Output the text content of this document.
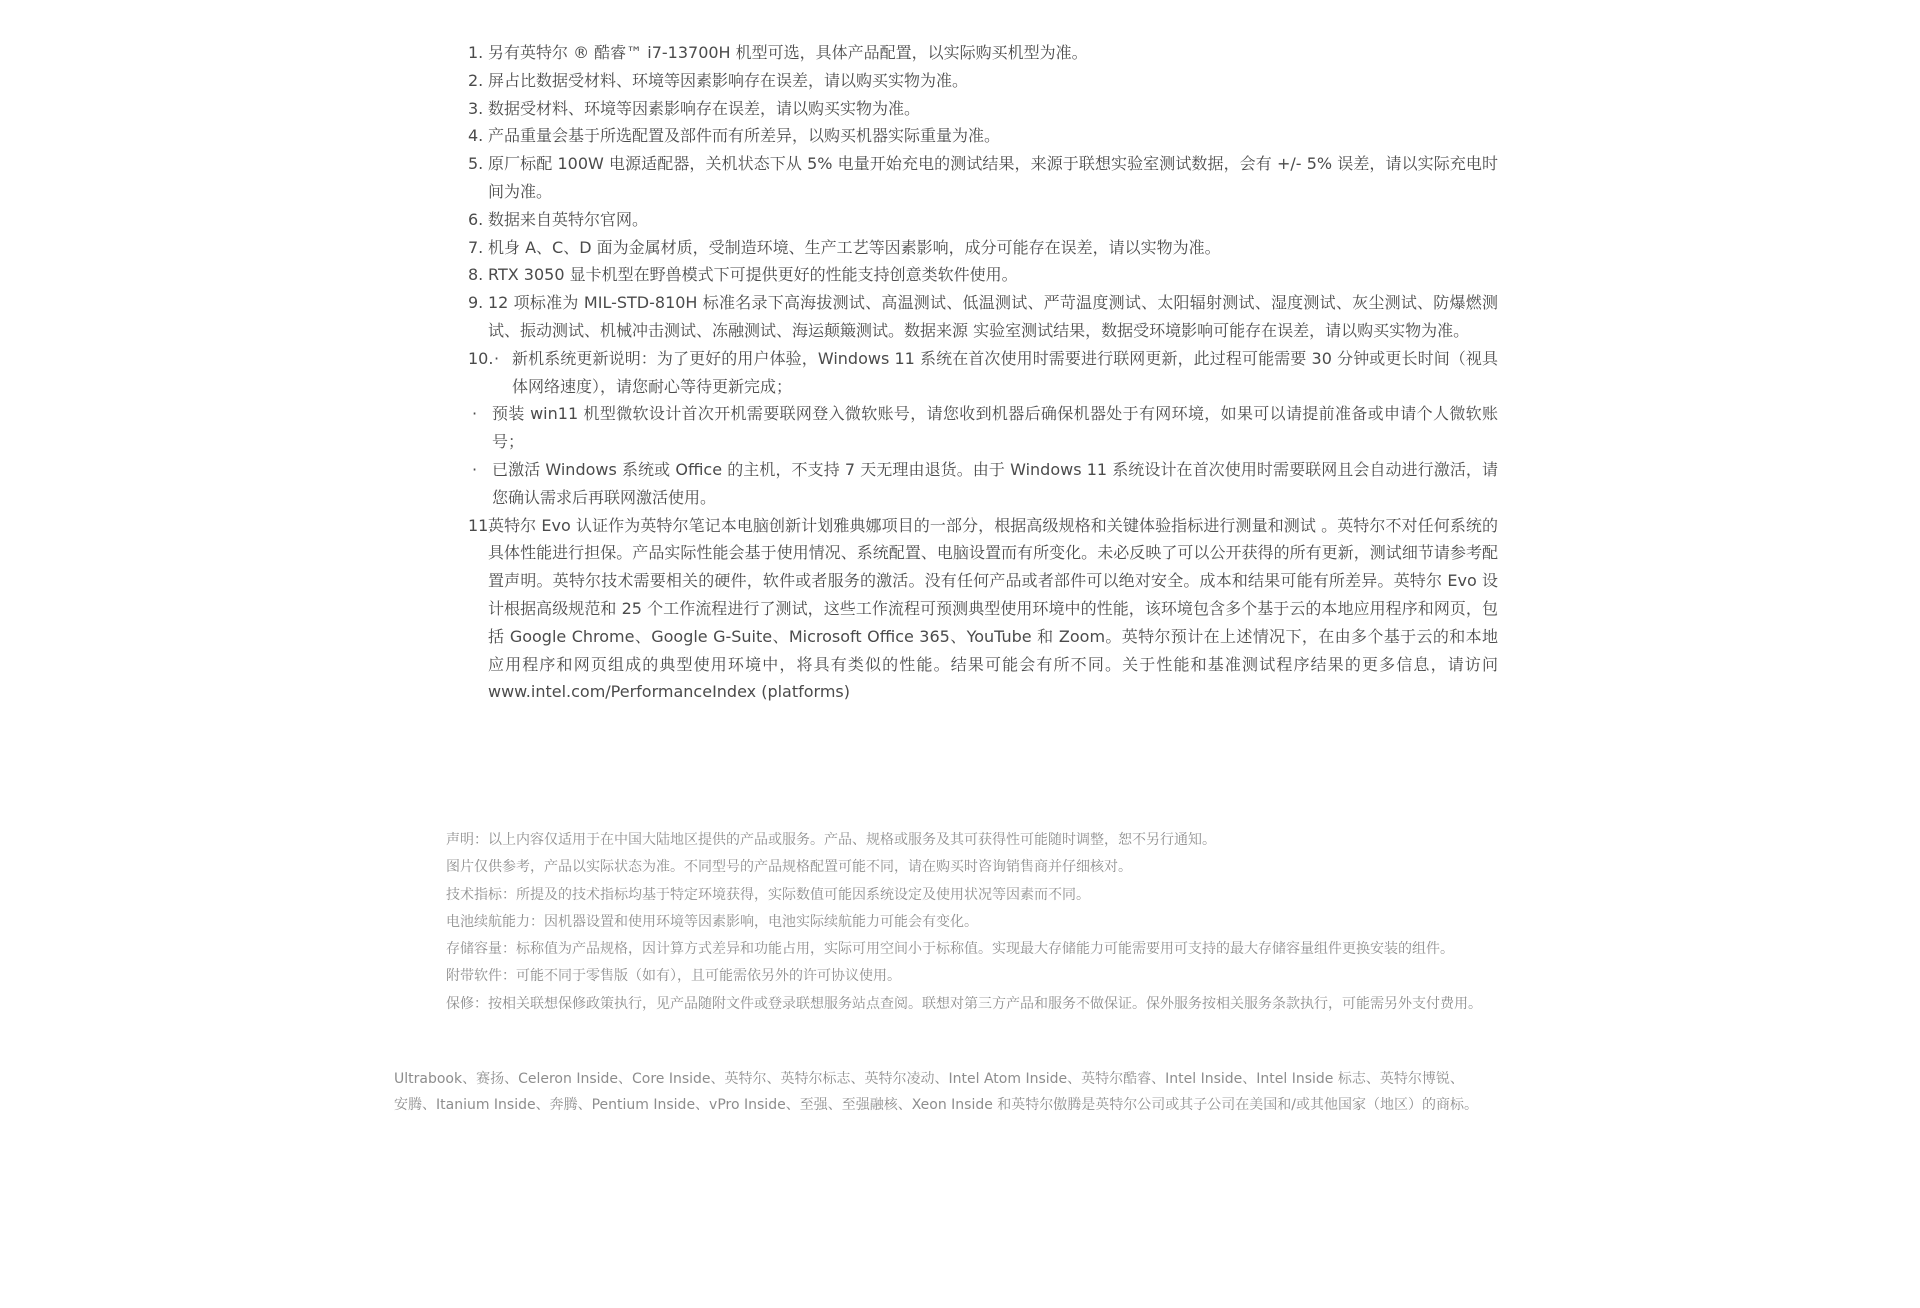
1. 另有英特尔 ® 酷睿™ i7-13700H 机型可选，具体产品配置，以实际购买机型为准。

2. 屏占比数据受材料、环境等因素影响存在误差，请以购买实物为准。

3. 数据受材料、环境等因素影响存在误差，请以购买实物为准。

4. 产品重量会基于所选配置及部件而有所差异，以购买机器实际重量为准。

5. 原厂标配 100W 电源适配器，关机状态下从 5% 电量开始充电的测试结果，来源于联想实验室测试数据，会有 +/- 5% 误差，请以实际充电时间为准。

6. 数据来自英特尔官网。

7. 机身 A、C、D 面为金属材质，受制造环境、生产工艺等因素影响，成分可能存在误差，请以实物为准。

8. RTX 3050 显卡机型在野兽模式下可提供更好的性能支持创意类软件使用。

9. 12 项标准为 MIL-STD-810H 标准名录下高海拔测试、高温测试、低温测试、严苛温度测试、太阳辐射测试、湿度测试、灰尘测试、防爆燃测试、振动测试、机械冲击测试、冻融测试、海运颠簸测试。数据来源 实验室测试结果，数据受环境影响可能存在误差，请以购买实物为准。

10. · 新机系统更新说明：为了更好的用户体验，Windows 11 系统在首次使用时需要进行联网更新，此过程可能需要 30 分钟或更长时间（视具体网络速度），请您耐心等待更新完成；

· 预装 win11 机型微软设计首次开机需要联网登入微软账号，请您收到机器后确保机器处于有网环境，如果可以请提前准备或申请个人微软账号；

· 已激活 Windows 系统或 Office 的主机，不支持 7 天无理由退货。由于 Windows 11 系统设计在首次使用时需要联网且会自动进行激活，请您确认需求后再联网激活使用。

11.
英特尔 Evo 认证作为英特尔笔记本电脑创新计划雅典娜项目的一部分，根据高级规格和关键体验指标进行测量和测试 。英特尔不对任何系统的具体性能进行担保。产品实际性能会基于使用情况、系统配置、电脑设置而有所变化。未必反映了可以公开获得的所有更新，测试细节请参考配置声明。英特尔技术需要相关的硬件，软件或者服务的激活。没有任何产品或者部件可以绝对安全。成本和结果可能有所差异。英特尔 Evo 设计根据高级规范和 25 个工作流程进行了测试，这些工作流程可预测典型使用环境中的性能，该环境包含多个基于云的本地应用程序和网页，包括 Google Chrome、Google G-Suite、Microsoft Office 365、YouTube 和 Zoom。英特尔预计在上述情况下，在由多个基于云的和本地应用程序和网页组成的典型使用环境中，将具有类似的性能。结果可能会有所不同。关于性能和基准测试程序结果的更多信息，请访问 www.intel.com/PerformanceIndex (platforms)

声明：以上内容仅适用于在中国大陆地区提供的产品或服务。产品、规格或服务及其可获得性可能随时调整，恕不另行通知。

图片仅供参考，产品以实际状态为准。不同型号的产品规格配置可能不同，请在购买时咨询销售商并仔细核对。

技术指标：所提及的技术指标均基于特定环境获得，实际数值可能因系统设定及使用状况等因素而不同。

电池续航能力：因机器设置和使用环境等因素影响，电池实际续航能力可能会有变化。

存储容量：标称值为产品规格，因计算方式差异和功能占用，实际可用空间小于标称值。实现最大存储能力可能需要用可支持的最大存储容量组件更换安装的组件。

附带软件：可能不同于零售版（如有），且可能需依另外的许可协议使用。

保修：按相关联想保修政策执行，见产品随附文件或登录联想服务站点查阅。联想对第三方产品和服务不做保证。保外服务按相关服务条款执行，可能需另外支付费用。

Ultrabook、赛扬、Celeron Inside、Core Inside、英特尔、英特尔标志、英特尔凌动、Intel Atom Inside、英特尔酷睿、Intel Inside、Intel Inside 标志、英特尔博锐、

安腾、Itanium Inside、奔腾、Pentium Inside、vPro Inside、至强、至强融核、Xeon Inside 和英特尔傲腾是英特尔公司或其子公司在美国和/或其他国家（地区）的商标。
